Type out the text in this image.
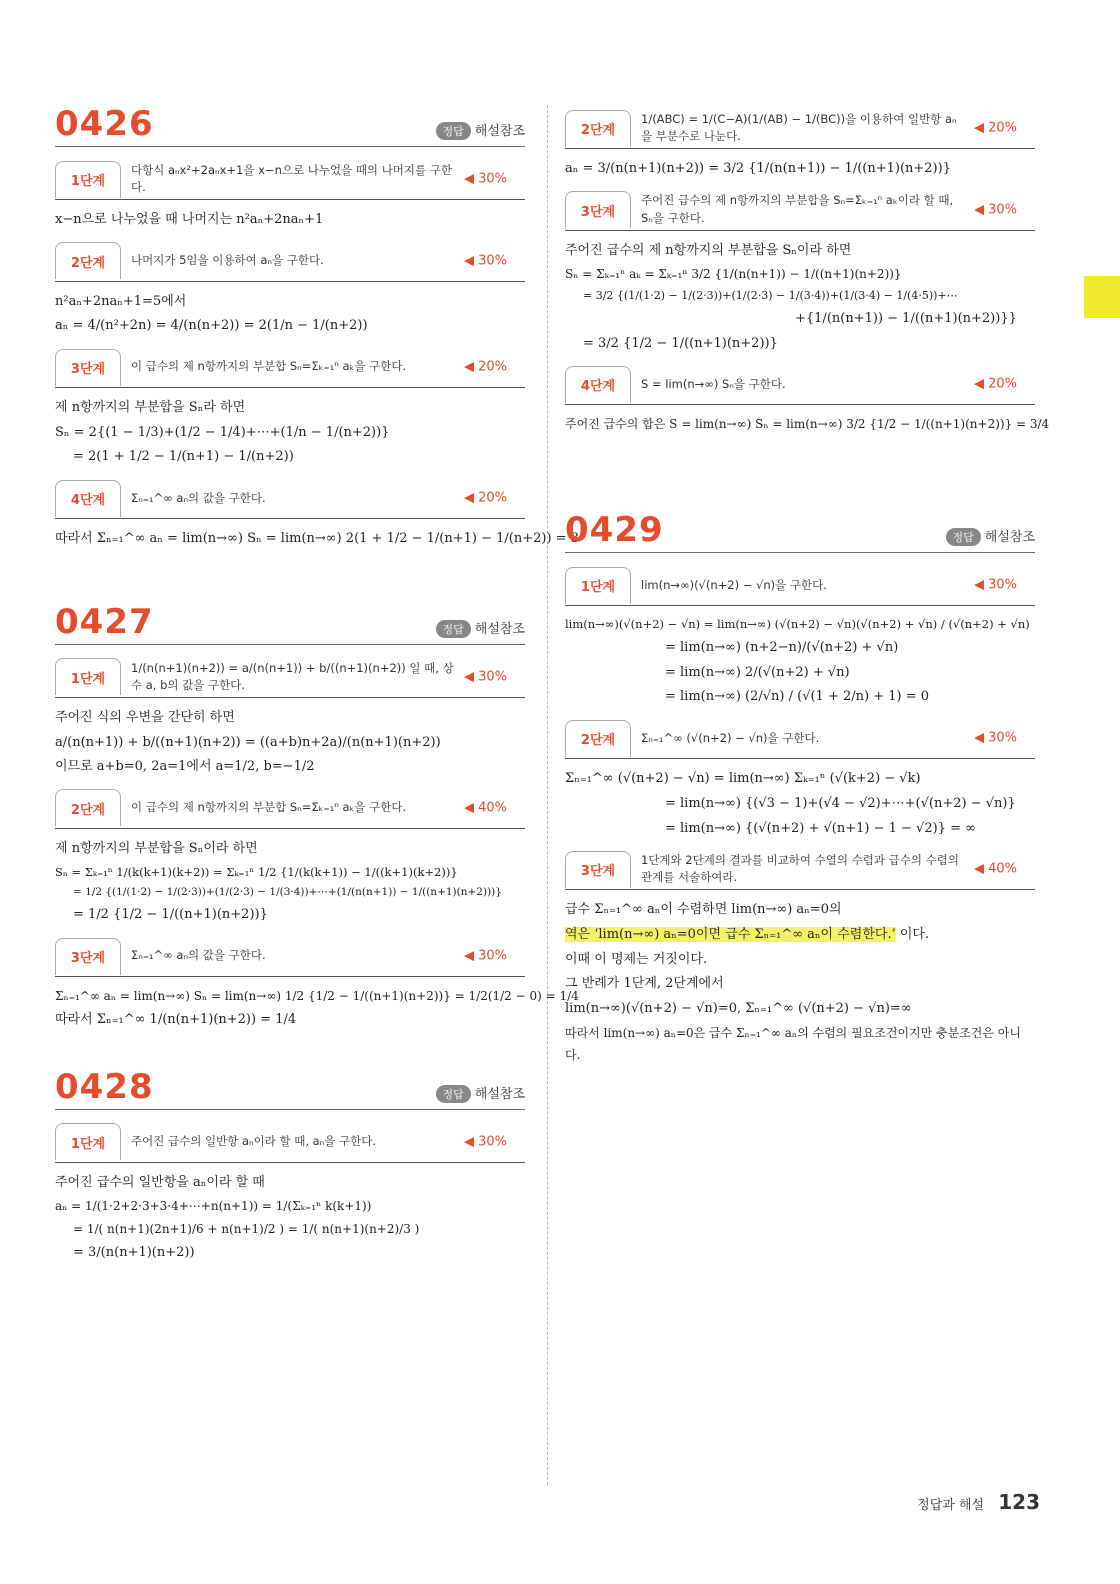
0426	정답 해설참조
1단계
다항식 aₙx²+2aₙx+1을 x−n으로 나누었을 때의 나머지를 구한다.
◀ 30%
x−n으로 나누었을 때 나머지는 n²aₙ+2naₙ+1
2단계	나머지가 5임을 이용하여 aₙ을 구한다.	◀ 30%
n²aₙ+2naₙ+1=5에서
aₙ = 4/(n²+2n) = 4/(n(n+2)) = 2(1/n − 1/(n+2))
3단계	이 급수의 제 n항까지의 부분합 Sₙ=Σₖ₌₁ⁿ aₖ을 구한다.	◀ 20%
제 n항까지의 부분합을 Sₙ라 하면
Sₙ = 2{(1 − 1/3)+(1/2 − 1/4)+⋯+(1/n − 1/(n+2))}
= 2(1 + 1/2 − 1/(n+1) − 1/(n+2))
4단계	Σₙ₌₁^∞ aₙ의 값을 구한다.	◀ 20%
따라서 Σₙ₌₁^∞ aₙ = lim(n→∞) Sₙ = lim(n→∞) 2(1 + 1/2 − 1/(n+1) − 1/(n+2)) = 3
0427	정답 해설참조
1단계
1/(n(n+1)(n+2)) = a/(n(n+1)) + b/((n+1)(n+2)) 일 때, 상수 a, b의 값을 구한다.
◀ 30%
주어진 식의 우변을 간단히 하면
a/(n(n+1)) + b/((n+1)(n+2)) = ((a+b)n+2a)/(n(n+1)(n+2))
이므로 a+b=0, 2a=1에서 a=1/2, b=−1/2
2단계	이 급수의 제 n항까지의 부분합 Sₙ=Σₖ₌₁ⁿ aₖ을 구한다.	◀ 40%
제 n항까지의 부분합을 Sₙ이라 하면
Sₙ = Σₖ₌₁ⁿ 1/(k(k+1)(k+2)) = Σₖ₌₁ⁿ 1/2 {1/(k(k+1)) − 1/((k+1)(k+2))}
= 1/2 {(1/(1·2) − 1/(2·3))+(1/(2·3) − 1/(3·4))+⋯+(1/(n(n+1)) − 1/((n+1)(n+2)))}
= 1/2 {1/2 − 1/((n+1)(n+2))}
3단계	Σₙ₌₁^∞ aₙ의 값을 구한다.	◀ 30%
Σₙ₌₁^∞ aₙ = lim(n→∞) Sₙ = lim(n→∞) 1/2 {1/2 − 1/((n+1)(n+2))} = 1/2(1/2 − 0) = 1/4
따라서 Σₙ₌₁^∞ 1/(n(n+1)(n+2)) = 1/4
0428	정답 해설참조
1단계	주어진 급수의 일반항 aₙ이라 할 때, aₙ을 구한다.	◀ 30%
주어진 급수의 일반항을 aₙ이라 할 때
aₙ = 1/(1·2+2·3+3·4+⋯+n(n+1)) = 1/(Σₖ₌₁ⁿ k(k+1))
= 1/( n(n+1)(2n+1)/6 + n(n+1)/2 ) = 1/( n(n+1)(n+2)/3 )
= 3/(n(n+1)(n+2))
2단계
1/(ABC) = 1/(C−A)(1/(AB) − 1/(BC))을 이용하여 일반항 aₙ을 부분수로 나눈다.
◀ 20%
aₙ = 3/(n(n+1)(n+2)) = 3/2 {1/(n(n+1)) − 1/((n+1)(n+2))}
3단계
주어진 급수의 제 n항까지의 부분합을 Sₙ=Σₖ₌₁ⁿ aₖ이라 할 때, Sₙ을 구한다.
◀ 30%
주어진 급수의 제 n항까지의 부분합을 Sₙ이라 하면
Sₙ = Σₖ₌₁ⁿ aₖ = Σₖ₌₁ⁿ 3/2 {1/(n(n+1)) − 1/((n+1)(n+2))}
= 3/2 {(1/(1·2) − 1/(2·3))+(1/(2·3) − 1/(3·4))+(1/(3·4) − 1/(4·5))+⋯
+{1/(n(n+1)) − 1/((n+1)(n+2))}}
= 3/2 {1/2 − 1/((n+1)(n+2))}
4단계	S = lim(n→∞) Sₙ을 구한다.	◀ 20%
주어진 급수의 합은 S = lim(n→∞) Sₙ = lim(n→∞) 3/2 {1/2 − 1/((n+1)(n+2))} = 3/4
0429	정답 해설참조
1단계	lim(n→∞)(√(n+2) − √n)을 구한다.	◀ 30%
lim(n→∞)(√(n+2) − √n) = lim(n→∞) (√(n+2) − √n)(√(n+2) + √n) / (√(n+2) + √n)
= lim(n→∞) (n+2−n)/(√(n+2) + √n)
= lim(n→∞) 2/(√(n+2) + √n)
= lim(n→∞) (2/√n) / (√(1 + 2/n) + 1) = 0
2단계	Σₙ₌₁^∞ (√(n+2) − √n)을 구한다.	◀ 30%
Σₙ₌₁^∞ (√(n+2) − √n) = lim(n→∞) Σₖ₌₁ⁿ (√(k+2) − √k)
= lim(n→∞) {(√3 − 1)+(√4 − √2)+⋯+(√(n+2) − √n)}
= lim(n→∞) {(√(n+2) + √(n+1) − 1 − √2)} = ∞
3단계
1단계와 2단계의 결과를 비교하여 수열의 수렴과 급수의 수렴의 관계를 서술하여라.
◀ 40%
급수 Σₙ₌₁^∞ aₙ이 수렴하면 lim(n→∞) aₙ=0의
역은 ‘lim(n→∞) aₙ=0이면 급수 Σₙ₌₁^∞ aₙ이 수렴한다.’ 이다.
이때 이 명제는 거짓이다.
그 반례가 1단계, 2단계에서
lim(n→∞)(√(n+2) − √n)=0, Σₙ₌₁^∞ (√(n+2) − √n)=∞
따라서 lim(n→∞) aₙ=0은 급수 Σₙ₌₁^∞ aₙ의 수렴의 필요조건이지만 충분조건은 아니다.
정답과 해설 123
